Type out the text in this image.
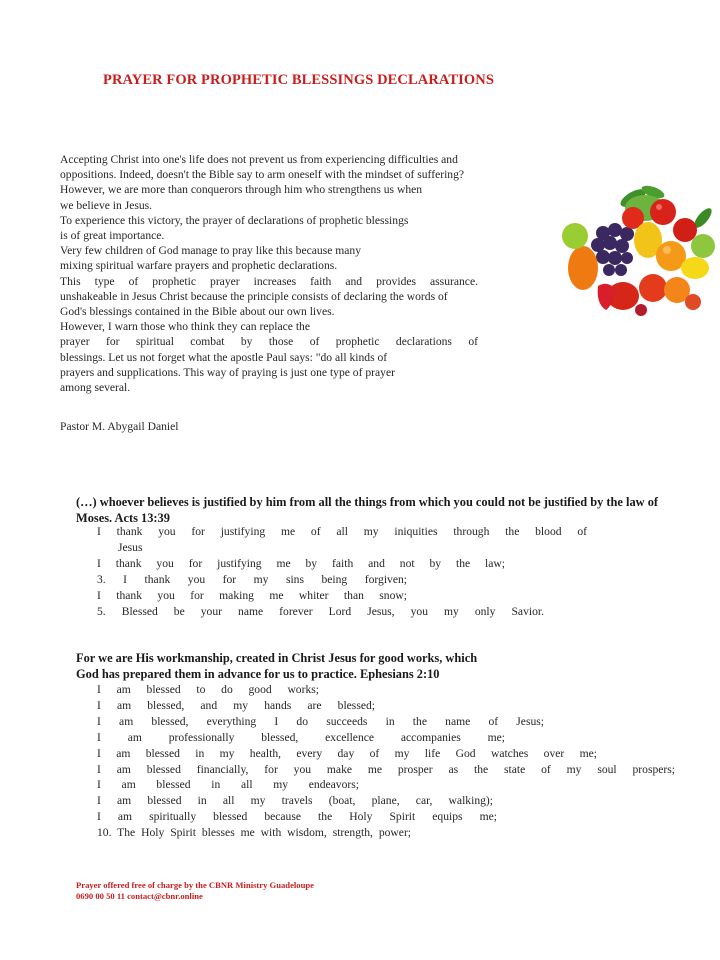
PRAYER FOR PROPHETIC BLESSINGS DECLARATIONS
Accepting Christ into one's life does not prevent us from experiencing difficulties and
oppositions. Indeed, doesn't the Bible say to arm oneself with the mindset of suffering?
However, we are more than conquerors through him who strengthens us when
we believe in Jesus.
To experience this victory, the prayer of declarations of prophetic blessings
is of great importance.
Very few children of God manage to pray like this because many
mixing spiritual warfare prayers and prophetic declarations.
This type of prophetic prayer increases faith and provides assurance.
unshakeable in Jesus Christ because the principle consists of declaring the words of
God's blessings contained in the Bible about our own lives.
However, I warn those who think they can replace the
prayer for spiritual combat by those of prophetic declarations of
blessings. Let us not forget what the apostle Paul says: "do all kinds of
prayers and supplications. This way of praying is just one type of prayer
among several.
Pastor M. Abygail Daniel
(…) whoever believes is justified by him from all the things from which you could not be justified by the law of Moses. Acts 13:39
I thank you for justifying me of all my iniquities through the blood of
Jesus
I thank you for justifying me by faith and not by the law;
3. I thank you for my sins being forgiven;
I thank you for making me whiter than snow;
5. Blessed be your name forever Lord Jesus, you my only Savior.
For we are His workmanship, created in Christ Jesus for good works, which
God has prepared them in advance for us to practice. Ephesians 2:10
I am blessed to do good works;
I am blessed, and my hands are blessed;
I am blessed, everything I do succeeds in the name of Jesus;
I am professionally blessed, excellence accompanies me;
I am blessed in my health, every day of my life God watches over me;
I am blessed financially, for you make me prosper as the state of my soul prospers;
I am blessed in all my endeavors;
I am blessed in all my travels (boat, plane, car, walking);
I am spiritually blessed because the Holy Spirit equips me;
10. The Holy Spirit blesses me with wisdom, strength, power;
Prayer offered free of charge by the CBNR Ministry Guadeloupe
0690 00 50 11 contact@cbnr.online
